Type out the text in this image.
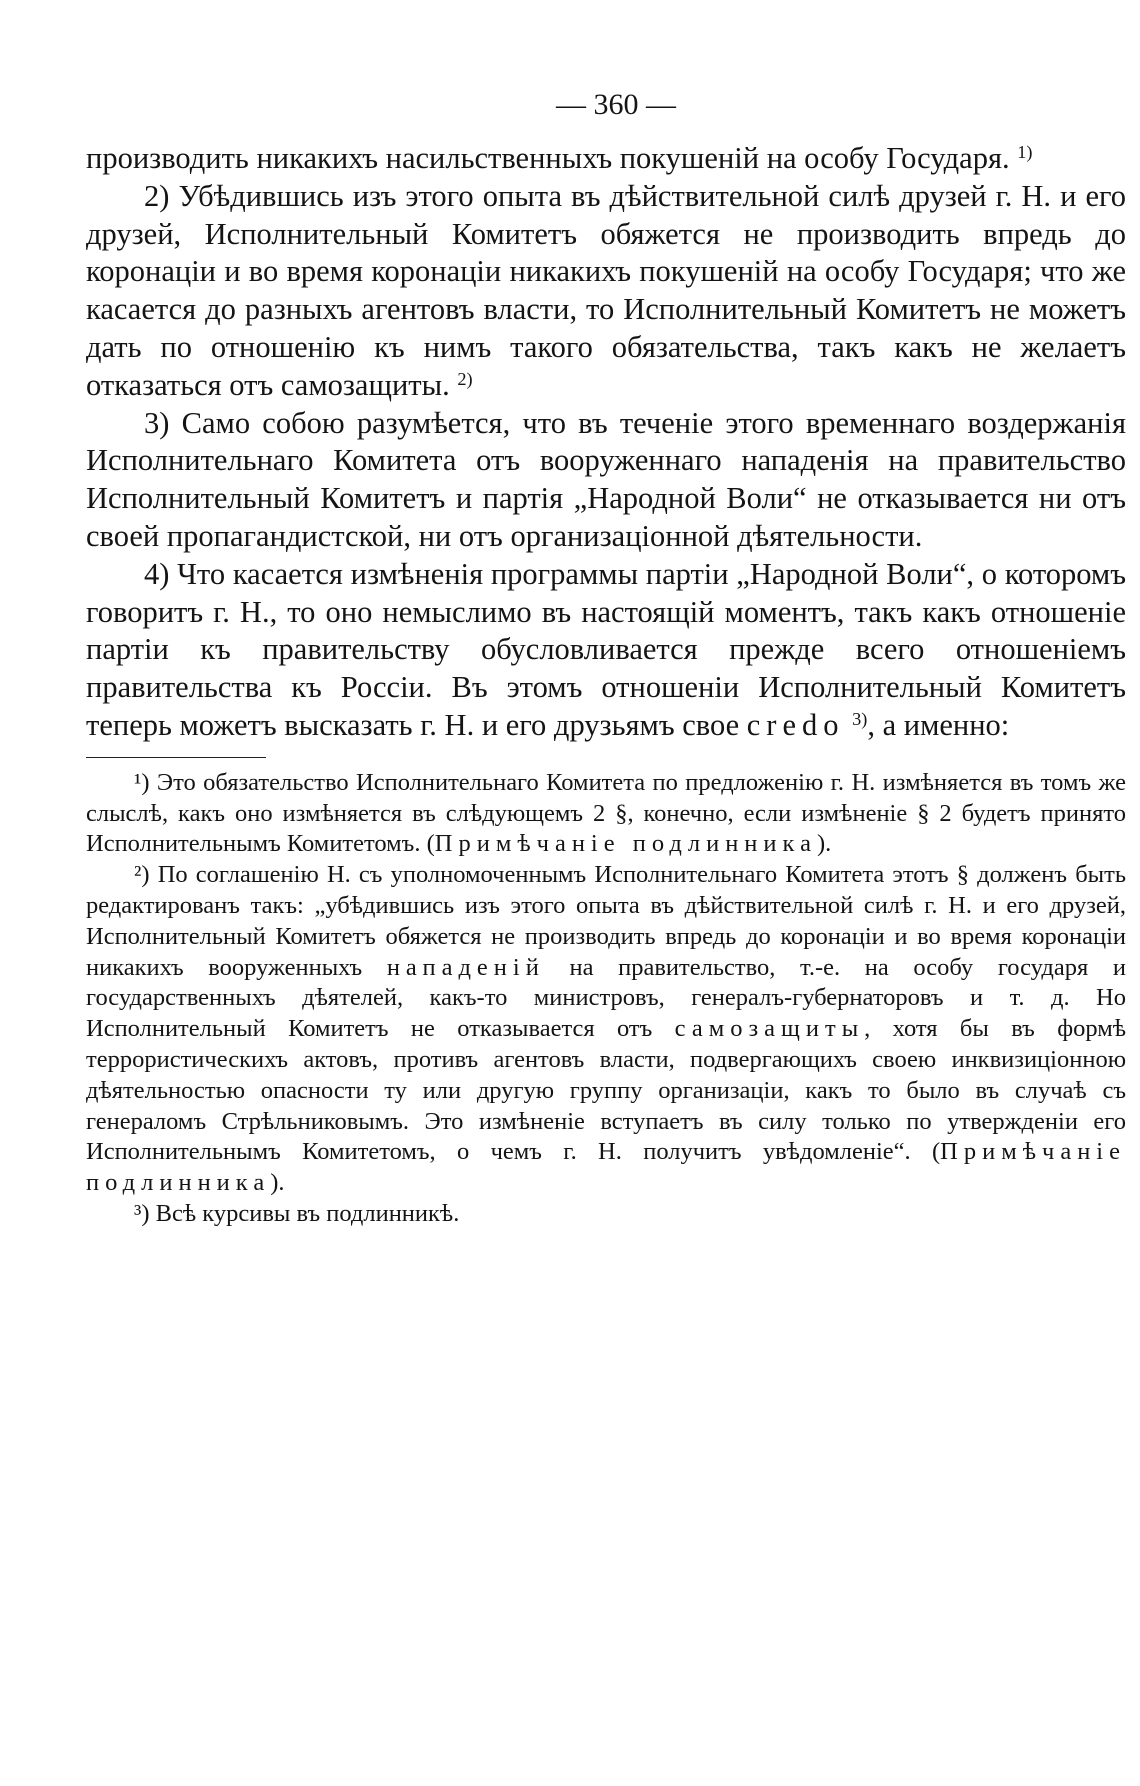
— 360 —

производить никакихъ насильственныхъ покушеній на особу Государя. $^{1)}$

2) Убѣдившись изъ этого опыта въ дѣйствительной силѣ друзей г. Н. и его друзей, Исполнительный Комитетъ обяжется не производить впредь до коронаціи и во время коронаціи никакихъ покушеній на особу Государя; что же касается до разныхъ агентовъ власти, то Исполнительный Комитетъ не можетъ дать по отношенію къ нимъ такого обязательства, такъ какъ не желаетъ отказаться отъ самозащиты. $^{2)}$

3) Само собою разумѣется, что въ теченіе этого временнаго воздержанія Исполнительнаго Комитета отъ вооруженнаго нападенія на правительство Исполнительный Комитетъ и партія „Народной Воли“ не отказывается ни отъ своей пропагандистской, ни отъ организаціонной дѣятельности.

4) Что касается измѣненія программы партіи „Народной Воли“, о которомъ говоритъ г. Н., то оно немыслимо въ настоящій моментъ, такъ какъ отношеніе партіи къ правительству обусловливается прежде всего отношеніемъ правительства къ Россіи. Въ этомъ отношеніи Исполнительный Комитетъ теперь можетъ высказать г. Н. и его друзьямъ свое credo $^{3)}$, а именно:

¹) Это обязательство Исполнительнаго Комитета по предложенію г. Н. измѣняется въ томъ же слыслѣ, какъ оно измѣняется въ слѣдующемъ 2 §, конечно, если измѣненіе § 2 будетъ принято Исполнительнымъ Комитетомъ. (Примѣчаніе подлинника).

²) По соглашенію Н. съ уполномоченнымъ Исполнительнаго Комитета этотъ § долженъ быть редактированъ такъ: „убѣдившись изъ этого опыта въ дѣйствительной силѣ г. Н. и его друзей, Исполнительный Комитетъ обяжется не производить впредь до коронаціи и во время коронаціи никакихъ вооруженныхъ нападеній на правительство, т.-е. на особу государя и государственныхъ дѣятелей, какъ-то министровъ, генералъ-губернаторовъ и т. д. Но Исполнительный Комитетъ не отказывается отъ самозащиты, хотя бы въ формѣ террористическихъ актовъ, противъ агентовъ власти, подвергающихъ своею инквизиціонною дѣятельностью опасности ту или другую группу организаціи, какъ то было въ случаѣ съ генераломъ Стрѣльниковымъ. Это измѣненіе вступаетъ въ силу только по утвержденіи его Исполнительнымъ Комитетомъ, о чемъ г. Н. получитъ увѣдомленіе“. (Примѣчаніе подлинника).

³) Всѣ курсивы въ подлинникѣ.
